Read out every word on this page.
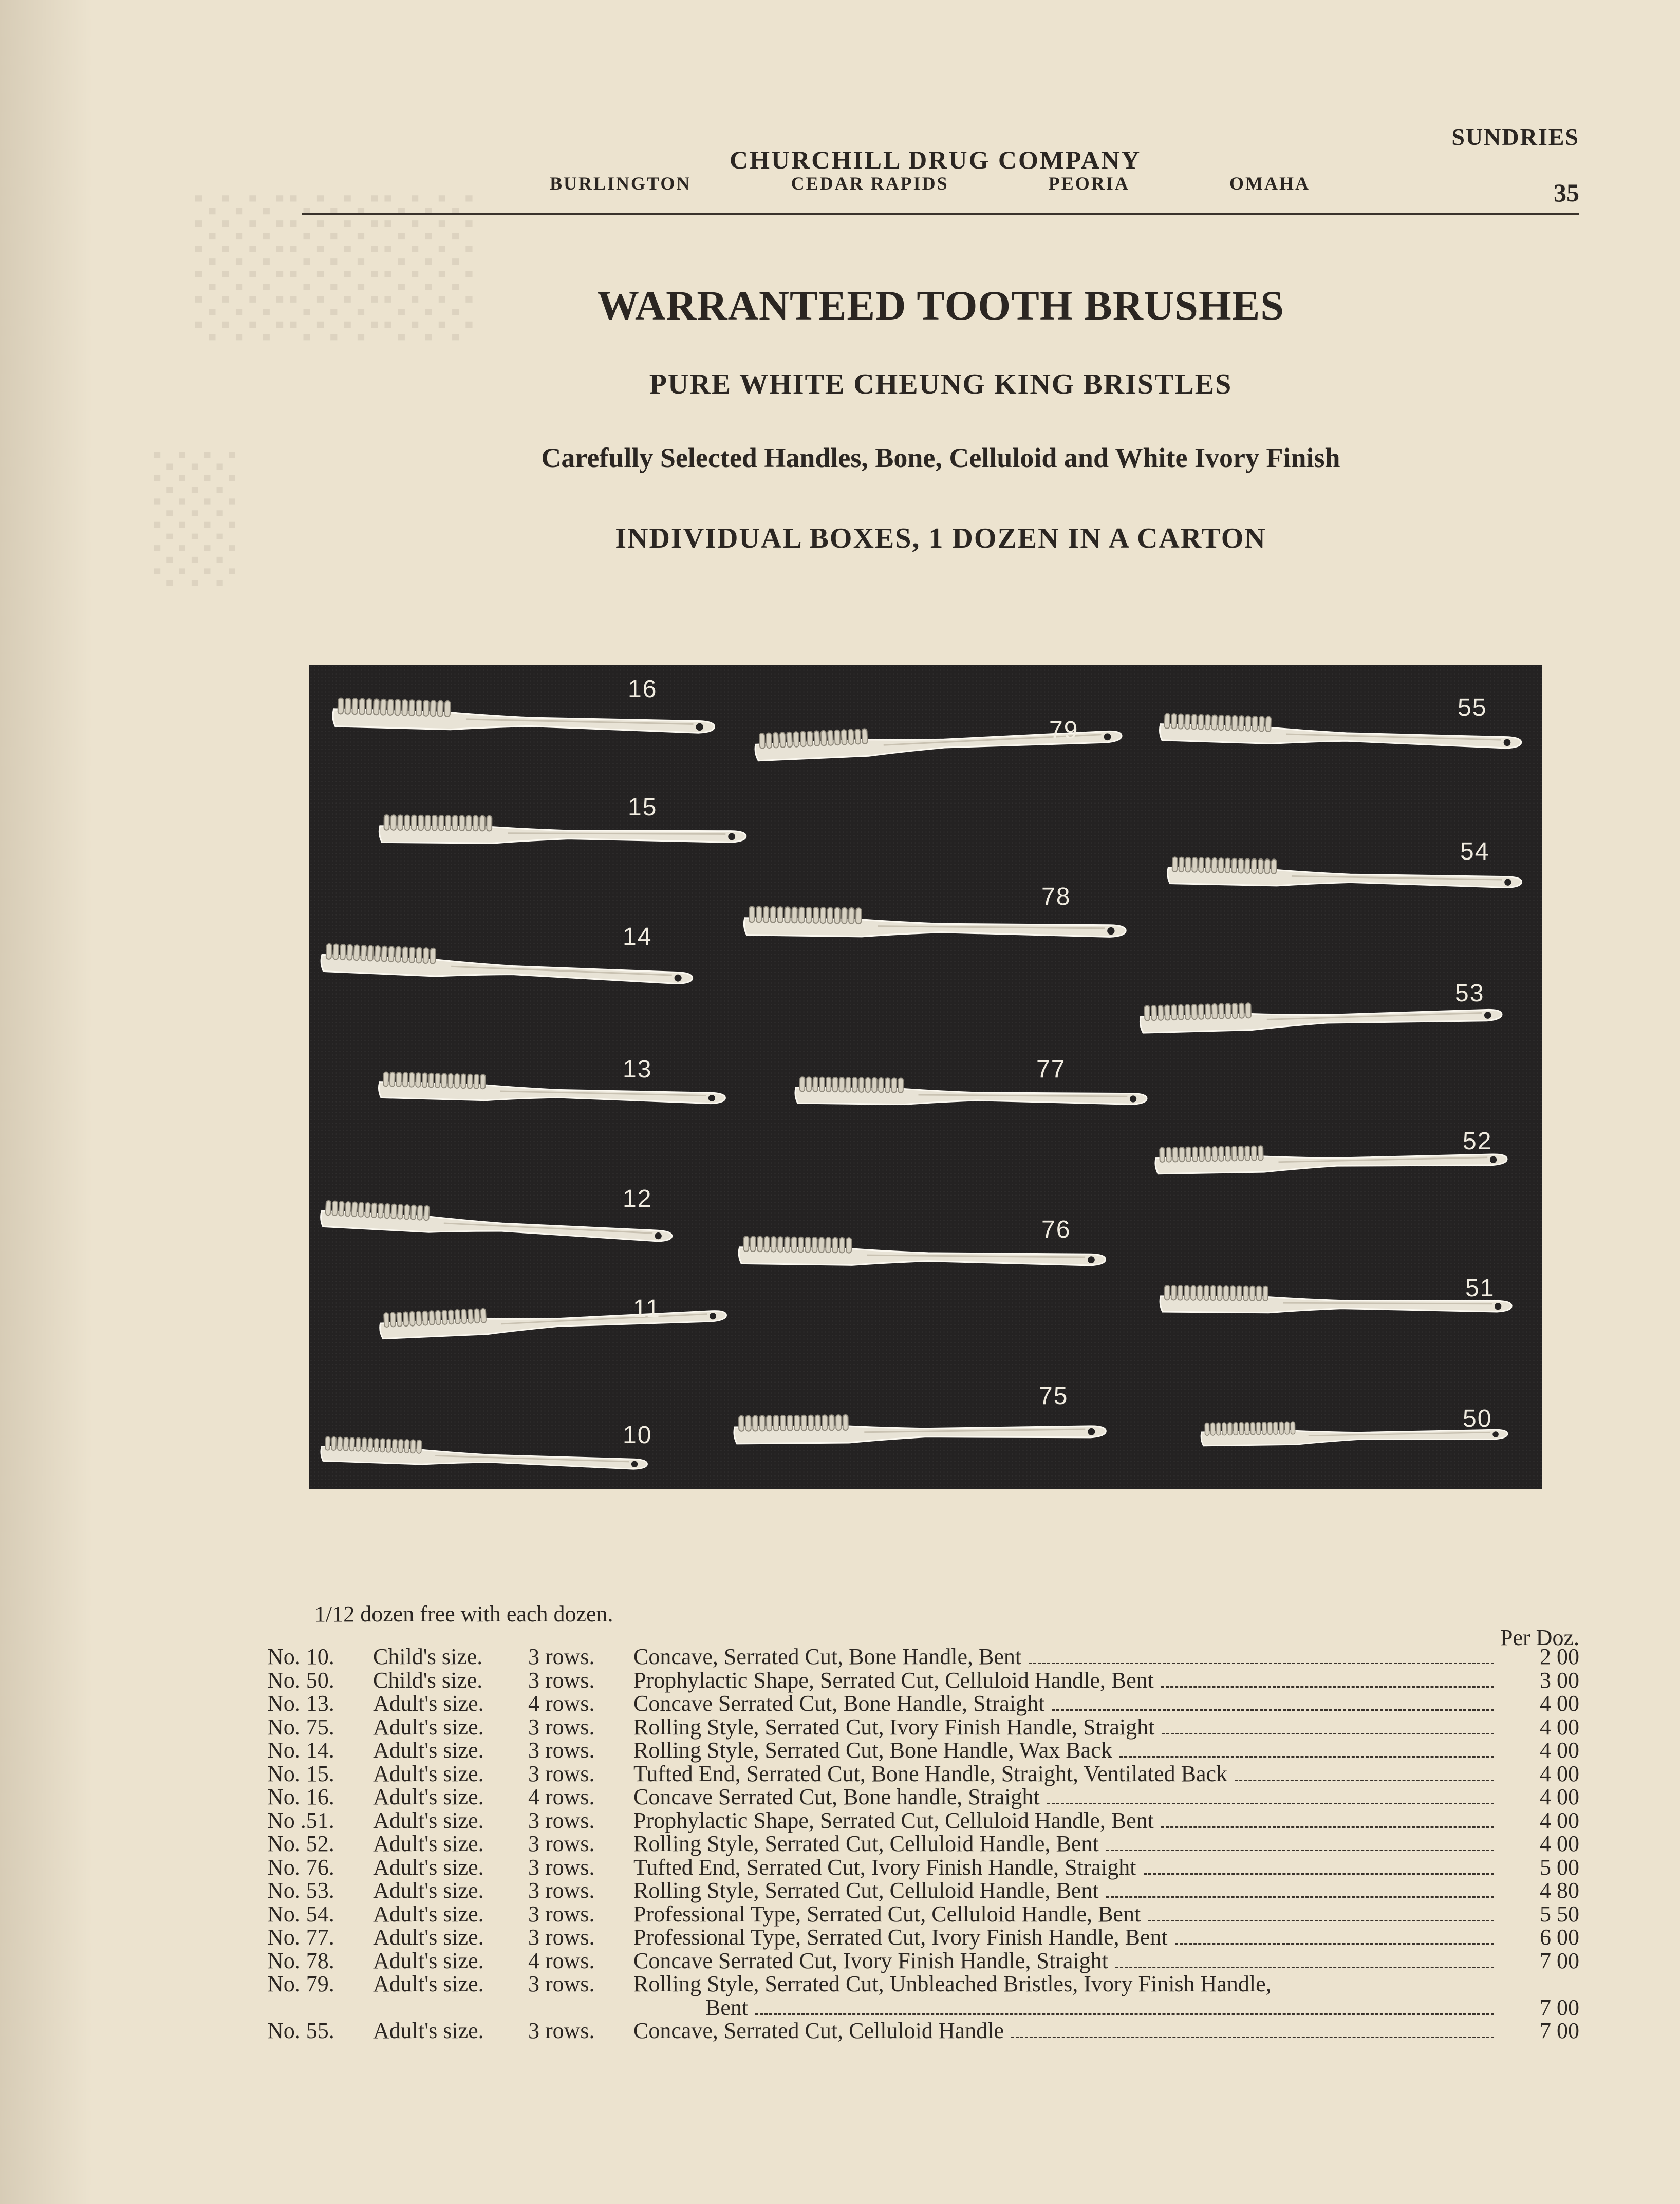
░░░
░
SUNDRIES
CHURCHILL DRUG COMPANY
BURLINGTON	CEDAR RAPIDS	PEORIA	OMAHA	35
WARRANTEED TOOTH BRUSHES
PURE WHITE CHEUNG KING BRISTLES
Carefully Selected Handles, Bone, Celluloid and White Ivory Finish
INDIVIDUAL BOXES, 1 DOZEN IN A CARTON
16
15
14
13
12
11
10
79
78
77
76
75
55
54
53
52
51
50
1/12 dozen free with each dozen.
Per Doz.
No. 10. Child's size. 3 rows. Concave, Serrated Cut, Bone Handle, Bent	2 00
No. 50. Child's size. 3 rows. Prophylactic Shape, Serrated Cut, Celluloid Handle, Bent	3 00
No. 13. Adult's size. 4 rows. Concave Serrated Cut, Bone Handle, Straight	4 00
No. 75. Adult's size. 3 rows. Rolling Style, Serrated Cut, Ivory Finish Handle, Straight	4 00
No. 14. Adult's size. 3 rows. Rolling Style, Serrated Cut, Bone Handle, Wax Back	4 00
No. 15. Adult's size. 3 rows. Tufted End, Serrated Cut, Bone Handle, Straight, Ventilated Back	4 00
No. 16. Adult's size. 4 rows. Concave Serrated Cut, Bone handle, Straight	4 00
No .51. Adult's size. 3 rows. Prophylactic Shape, Serrated Cut, Celluloid Handle, Bent	4 00
No. 52. Adult's size. 3 rows. Rolling Style, Serrated Cut, Celluloid Handle, Bent	4 00
No. 76. Adult's size. 3 rows. Tufted End, Serrated Cut, Ivory Finish Handle, Straight	5 00
No. 53. Adult's size. 3 rows. Rolling Style, Serrated Cut, Celluloid Handle, Bent	4 80
No. 54. Adult's size. 3 rows. Professional Type, Serrated Cut, Celluloid Handle, Bent	5 50
No. 77. Adult's size. 3 rows. Professional Type, Serrated Cut, Ivory Finish Handle, Bent	6 00
No. 78. Adult's size. 4 rows. Concave Serrated Cut, Ivory Finish Handle, Straight	7 00
No. 79. Adult's size. 3 rows. Rolling Style, Serrated Cut, Unbleached Bristles, Ivory Finish Handle,
Bent	7 00
No. 55. Adult's size. 3 rows. Concave, Serrated Cut, Celluloid Handle	7 00
